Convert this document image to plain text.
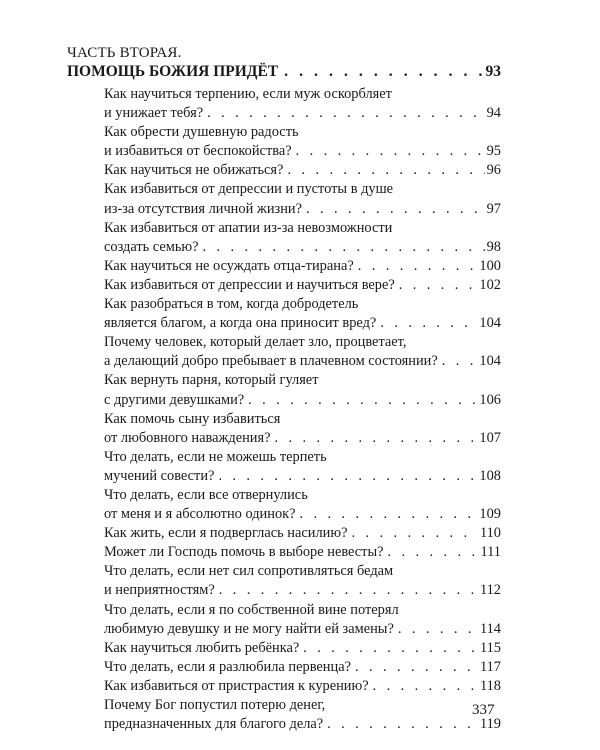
ЧАСТЬ ВТОРАЯ.
ПОМОЩЬ БОЖИЯ ПРИДЁТ . . .	93
Как научиться терпению, если муж оскорбляет
и унижает тебя? . . .	94
Как обрести душевную радость
и избавиться от беспокойства? . . .	95
Как научиться не обижаться? . . .	96
Как избавиться от депрессии и пустоты в душе
из-за отсутствия личной жизни? . . .	97
Как избавиться от апатии из-за невозможности
создать семью? . . .	98
Как научиться не осуждать отца-тирана? . . .	100
Как избавиться от депрессии и научиться вере? . . .	102
Как разобраться в том, когда добродетель
является благом, а когда она приносит вред? . . .	104
Почему человек, который делает зло, процветает,
а делающий добро пребывает в плачевном состоянии? . . .	104
Как вернуть парня, который гуляет
с другими девушками? . . .	106
Как помочь сыну избавиться
от любовного наваждения? . . .	107
Что делать, если не можешь терпеть
мучений совести? . . .	108
Что делать, если все отвернулись
от меня и я абсолютно одинок? . . .	109
Как жить, если я подверглась насилию? . . .	110
Может ли Господь помочь в выборе невесты? . . .	111
Что делать, если нет сил сопротивляться бедам
и неприятностям? . . .	112
Что делать, если я по собственной вине потерял
любимую девушку и не могу найти ей замены? . . .	114
Как научиться любить ребёнка? . . .	115
Что делать, если я разлюбила первенца? . . .	117
Как избавиться от пристрастия к курению? . . .	118
Почему Бог попустил потерю денег,
предназначенных для благого дела? . . .	119
337
